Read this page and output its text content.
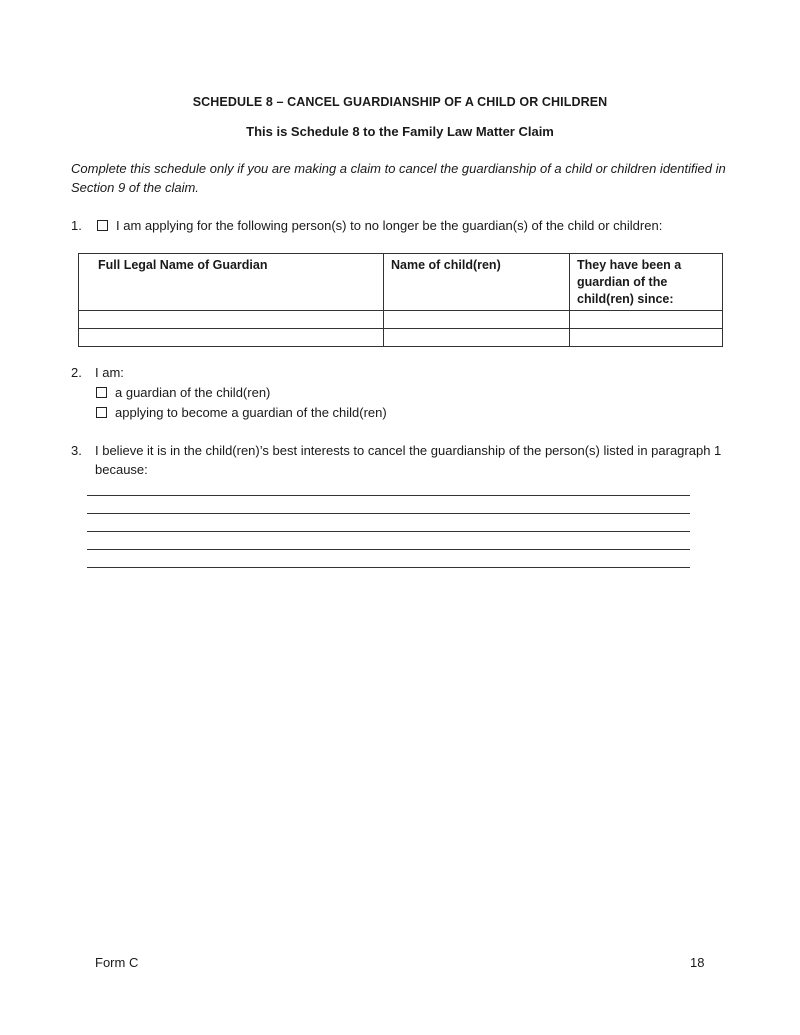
SCHEDULE 8 – CANCEL GUARDIANSHIP OF A CHILD OR CHILDREN
This is Schedule 8 to the Family Law Matter Claim
Complete this schedule only if you are making a claim to cancel the guardianship of a child or children identified in Section 9 of the claim.
1.	I am applying for the following person(s) to no longer be the guardian(s) of the child or children:
Full Legal Name of Guardian	Name of child(ren)	They have been a guardian of the child(ren) since:

2. I am:
a guardian of the child(ren)
applying to become a guardian of the child(ren)
3. I believe it is in the child(ren)’s best interests to cancel the guardianship of the person(s) listed in paragraph 1 because:
Form C	18
